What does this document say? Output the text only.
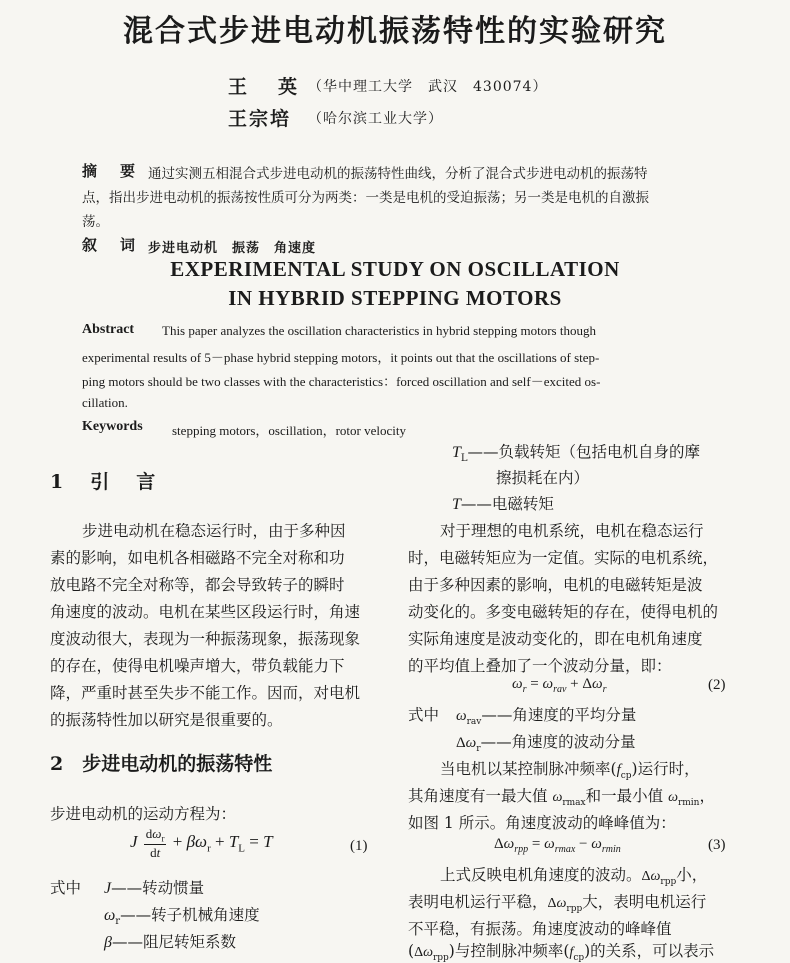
混合式步进电动机振荡特性的实验研究
王　英 （华中理工大学　武汉　430074）
王宗培 （哈尔滨工业大学）
摘　要 通过实测五相混合式步进电动机的振荡特性曲线，分析了混合式步进电动机的振荡特
点，指出步进电动机的振荡按性质可分为两类：一类是电机的受迫振荡；另一类是电机的自激振
荡。
叙　词 步进电动机　振荡　角速度
EXPERIMENTAL STUDY ON OSCILLATION
IN HYBRID STEPPING MOTORS
Abstract This paper analyzes the oscillation characteristics in hybrid stepping motors though
experimental results of 5－phase hybrid stepping motors，it points out that the oscillations of step-
ping motors should be two classes with the characteristics：forced oscillation and self－excited os-
cillation.
Keywords stepping motors，oscillation，rotor velocity
1　引　言
步进电动机在稳态运行时，由于多种因
素的影响，如电机各相磁路不完全对称和功
放电路不完全对称等，都会导致转子的瞬时
角速度的波动。电机在某些区段运行时，角速
度波动很大，表现为一种振荡现象，振荡现象
的存在，使得电机噪声增大，带负载能力下
降，严重时甚至失步不能工作。因而，对电机
的振荡特性加以研究是很重要的。
2　步进电动机的振荡特性
步进电动机的运动方程为：
J $d\omega_r$
dt
+ $\beta\omega_r + T_L = T$	(1)
式中 J——转动惯量
$\omega_r——$转子机械角速度
β——阻尼转矩系数
$T_L——$负载转矩（包括电机自身的摩
擦损耗在内）
T——电磁转矩
对于理想的电机系统，电机在稳态运行
时，电磁转矩应为一定值。实际的电机系统，
由于多种因素的影响，电机的电磁转矩是波
动变化的。多变电磁转矩的存在，使得电机的
实际角速度是波动变化的，即在电机角速度
的平均值上叠加了一个波动分量，即：
$\omega_r = \omega_{rav} + \Delta\omega_r$	(2)
式中 $\omega_{rav}——$角速度的平均分量
$\Delta\omega_r——$角速度的波动分量
当电机以某控制脉冲频率$(f_{cp})$运行时，
其角速度有一最大值 $\omega_{rmax}$和一最小值 $\omega_{rmin}$，
如图 1 所示。角速度波动的峰峰值为：
$\Delta\omega_{rpp} = \omega_{rmax} - \omega_{rmin}$	(3)
上式反映电机角速度的波动。$\Delta\omega_{rpp}$小，
表明电机运行平稳，$\Delta\omega_{rpp}$大，表明电机运行
不平稳，有振荡。角速度波动的峰峰值
$(\Delta\omega_{rpp})$与控制脉冲频率$(f_{cp})$的关系，可以表示
